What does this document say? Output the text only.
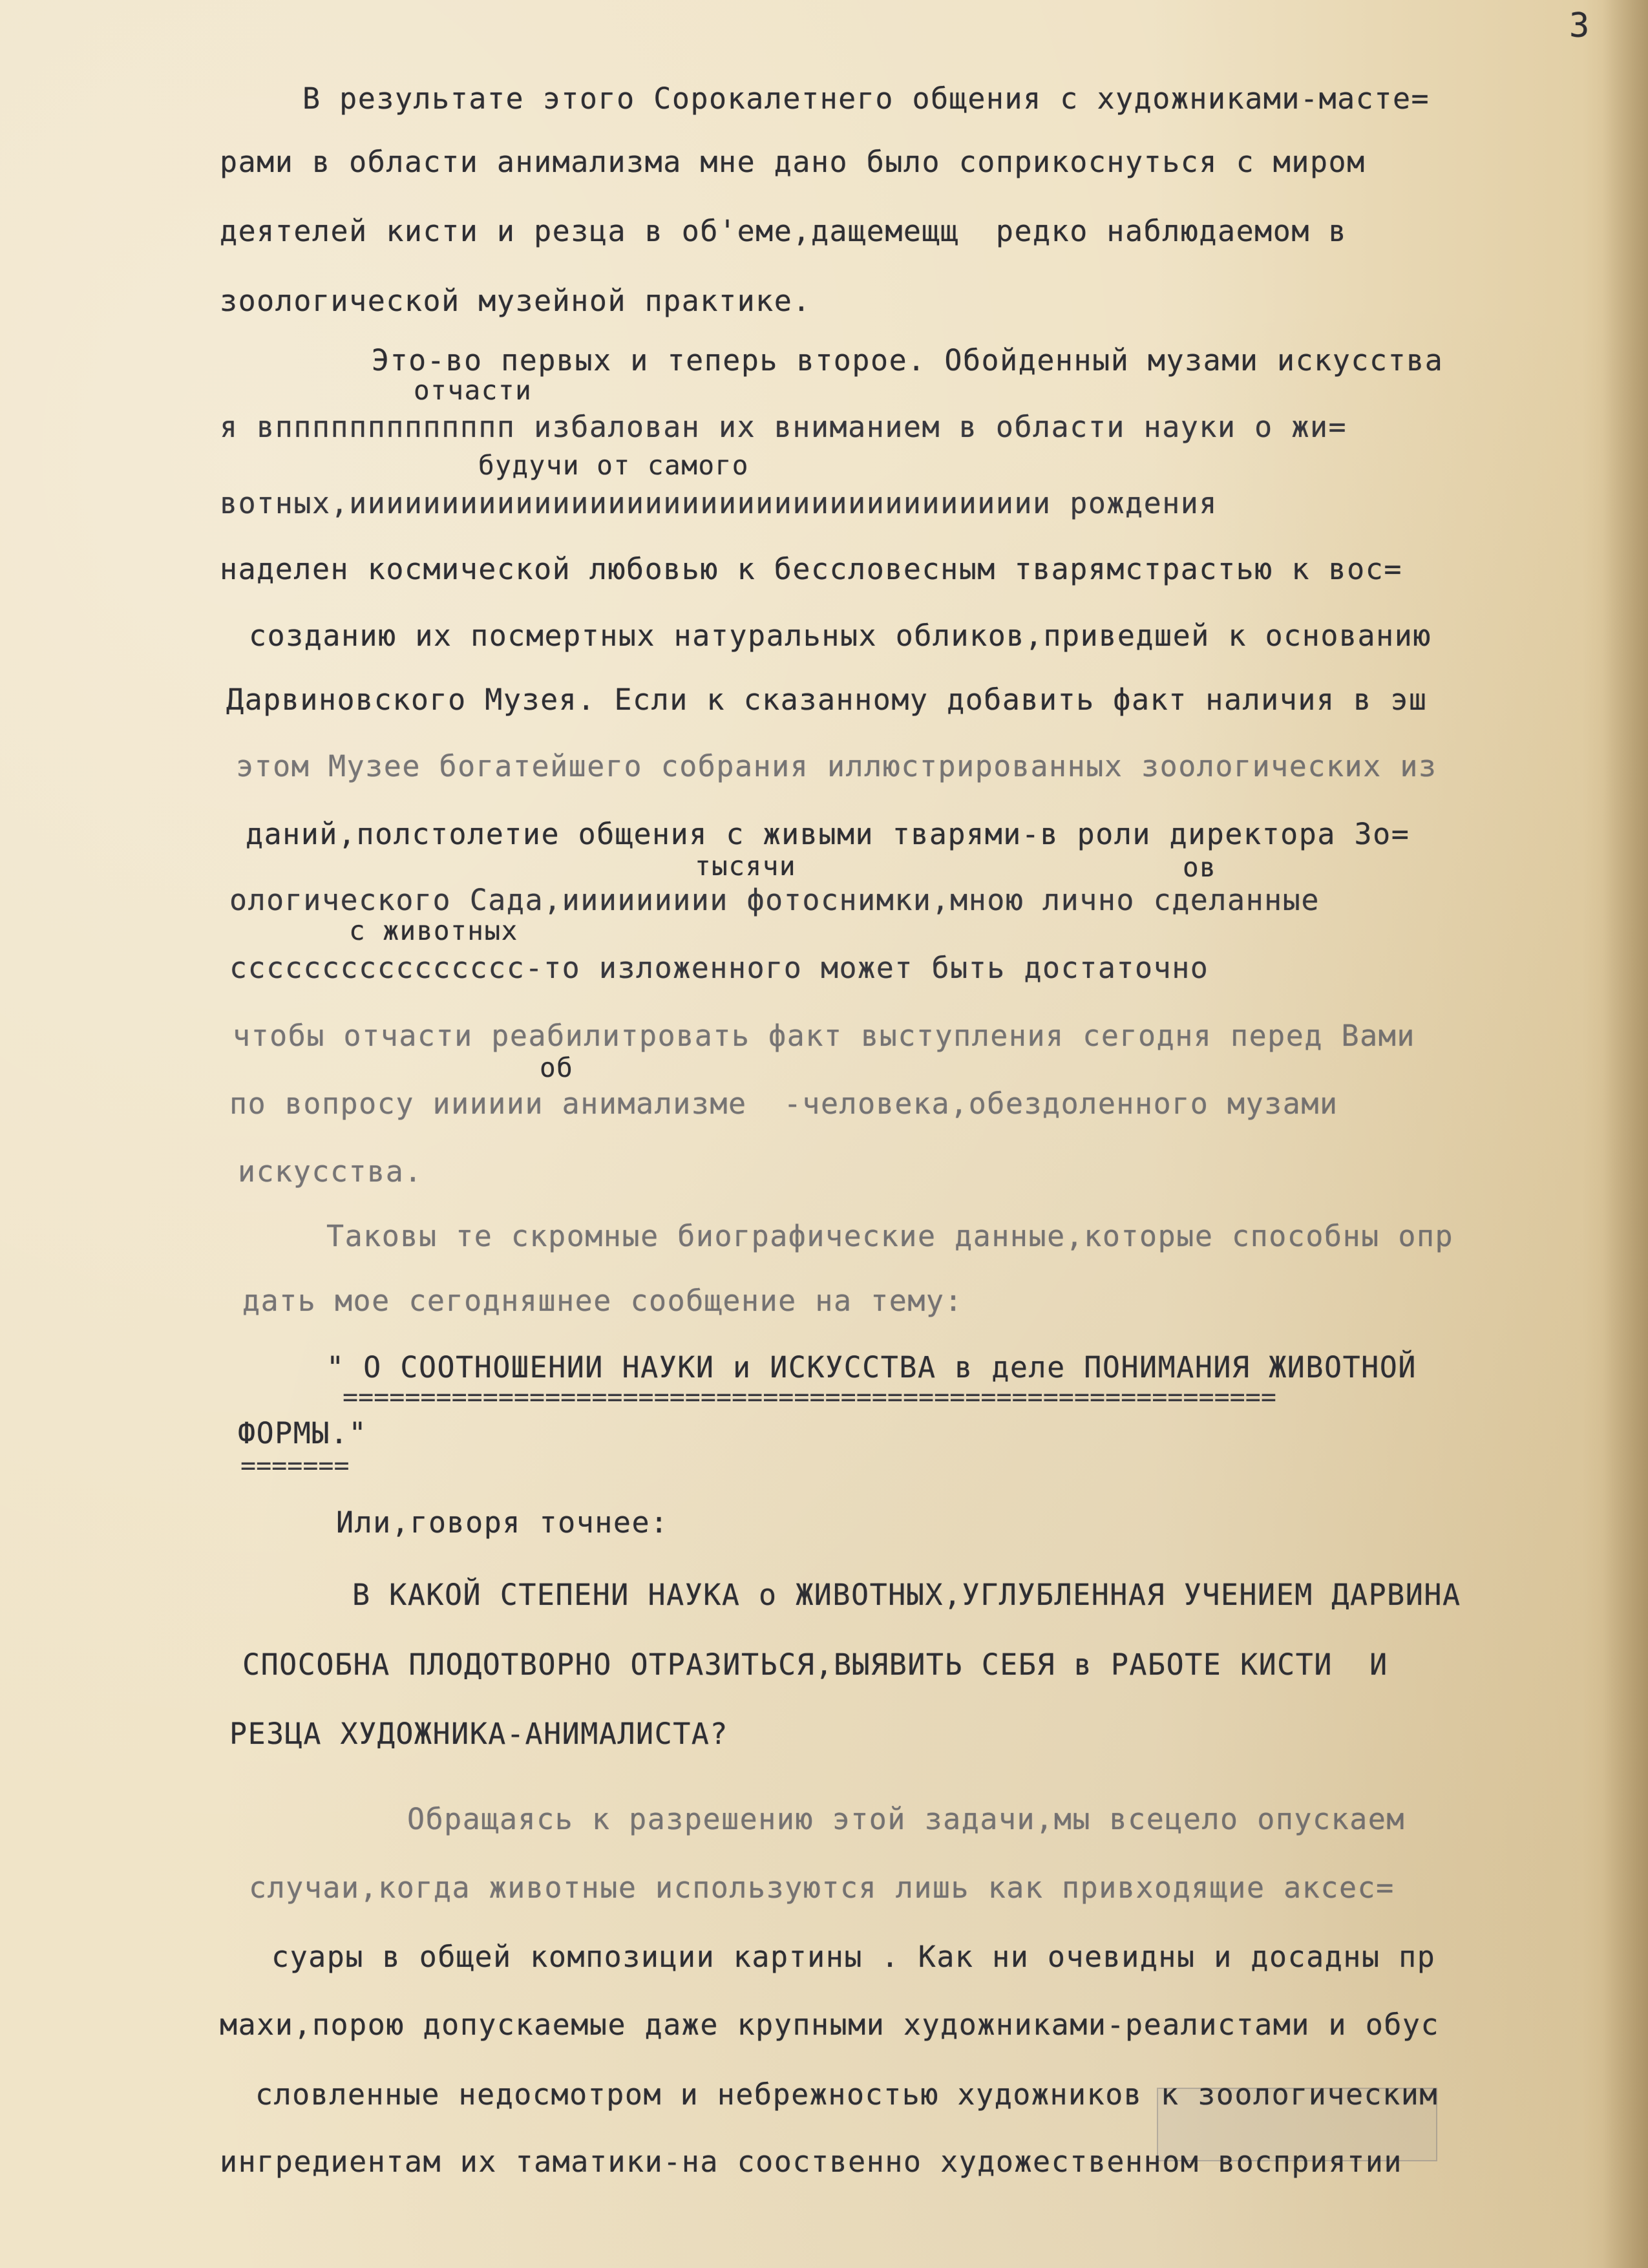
3
В результате этого Сорокалетнего общения с художниками-масте=
рами в области анимализма мне дано было соприкоснуться с миром
деятелей кисти и резца в об'еме,дащемещщ  редко наблюдаемом в
зоологической музейной практике.
Это-во первых и теперь второе. Обойденный музами искусства
отчасти
я вппппппппппппп избалован их вниманием в области науки о жи=
будучи от самого
вотных,ииииииииииииииииииииииииииииииииииииии рождения
наделен космической любовью к бессловесным тварямстрастью к вос=
созданию их посмертных натуральных обликов,приведшей к основанию
Дарвиновского Музея. Если к сказанному добавить факт наличия в эш
этом Музее богатейшего собрания иллюстрированных зоологических из
даний,полстолетие общения с живыми тварями-в роли директора Зо=
тысячи	ов
ологического Сада,иииииииии фотоснимки,мною лично сделанные
с животных
сссссссссссссссс-то изложенного может быть достаточно
чтобы отчасти реабилитровать факт выступления сегодня перед Вами
об
по вопросу ииииии анимализме  -человека,обездоленного музами
искусства.
Таковы те скромные биографические данные,которые способны опр
дать мое сегодняшнее сообщение на тему:
" О СООТНОШЕНИИ НАУКИ и ИСКУССТВА в деле ПОНИМАНИЯ ЖИВОТНОЙ
============================================================
ФОРМЫ."
=======
Или,говоря точнее:
В КАКОЙ СТЕПЕНИ НАУКА о ЖИВОТНЫХ,УГЛУБЛЕННАЯ УЧЕНИЕМ ДАРВИНА
СПОСОБНА ПЛОДОТВОРНО ОТРАЗИТЬСЯ,ВЫЯВИТЬ СЕБЯ в РАБОТЕ КИСТИ  И
РЕЗЦА ХУДОЖНИКА-АНИМАЛИСТА?
Обращаясь к разрешению этой задачи,мы всецело опускаем
случаи,когда животные используются лишь как привходящие аксес=
суары в общей композиции картины . Как ни очевидны и досадны пр
махи,порою допускаемые даже крупными художниками-реалистами и обус
словленные недосмотром и небрежностью художников к зоологическим
ингредиентам их таматики-на сооственно художественном восприятии
